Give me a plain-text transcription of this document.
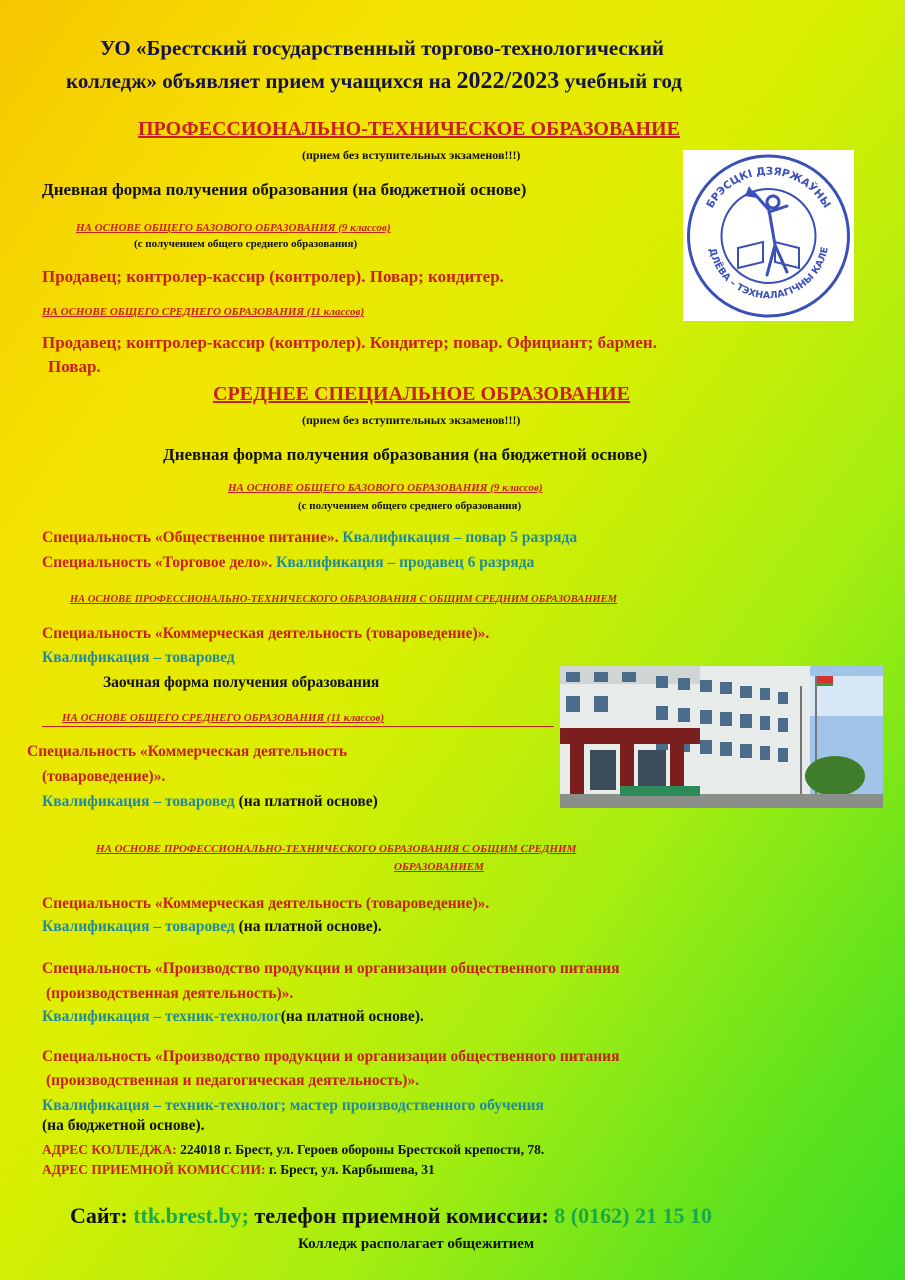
УО «Брестский государственный торгово-технологический
колледж» объявляет прием учащихся на 2022/2023 учебный год
ПРОФЕССИОНАЛЬНО-ТЕХНИЧЕСКОЕ ОБРАЗОВАНИЕ
(прием без вступительных экзаменов!!!)
Дневная форма получения образования (на бюджетной основе)
НА ОСНОВЕ ОБЩЕГО БАЗОВОГО ОБРАЗОВАНИЯ (9 классов)
(с получением общего среднего образования)
Продавец; контролер-кассир (контролер). Повар; кондитер.
НА ОСНОВЕ ОБЩЕГО СРЕДНЕГО ОБРАЗОВАНИЯ (11 классов)
Продавец; контролер-кассир (контролер). Кондитер; повар. Официант; бармен.
Повар.
БРЭСЦКІ ДЗЯРЖАЎНЫ
ДЛЁВА – ТЭХНАЛАГІЧНЫ КАЛЕ
СРЕДНЕЕ СПЕЦИАЛЬНОЕ ОБРАЗОВАНИЕ
(прием без вступительных экзаменов!!!)
Дневная форма получения образования (на бюджетной основе)
НА ОСНОВЕ ОБЩЕГО БАЗОВОГО ОБРАЗОВАНИЯ (9 классов)
(с получением общего среднего образования)
Специальность «Общественное питание». Квалификация – повар 5 разряда
Специальность «Торговое дело». Квалификация – продавец 6 разряда
НА ОСНОВЕ ПРОФЕССИОНАЛЬНО-ТЕХНИЧЕСКОГО ОБРАЗОВАНИЯ С ОБЩИМ СРЕДНИМ ОБРАЗОВАНИЕМ
Специальность «Коммерческая деятельность (товароведение)».
Квалификация – товаровед
Заочная форма получения образования
НА ОСНОВЕ ОБЩЕГО СРЕДНЕГО ОБРАЗОВАНИЯ (11 классов)
Специальность «Коммерческая деятельность
(товароведение)».
Квалификация – товаровед (на платной основе)
НА ОСНОВЕ ПРОФЕССИОНАЛЬНО-ТЕХНИЧЕСКОГО ОБРАЗОВАНИЯ С ОБЩИМ СРЕДНИМ
ОБРАЗОВАНИЕМ
Специальность «Коммерческая деятельность (товароведение)».
Квалификация – товаровед (на платной основе).
Специальность «Производство продукции и организации общественного питания
(производственная деятельность)».
Квалификация – техник-технолог(на платной основе).
Специальность «Производство продукции и организации общественного питания
(производственная и педагогическая деятельность)».
Квалификация – техник-технолог; мастер производственного обучения
(на бюджетной основе).
АДРЕС КОЛЛЕДЖА: 224018 г. Брест, ул. Героев обороны Брестской крепости, 78.
АДРЕС ПРИЕМНОЙ КОМИССИИ: г. Брест, ул. Карбышева, 31
Сайт: ttk.brest.by; телефон приемной комиссии: 8 (0162) 21 15 10
Колледж располагает общежитием
